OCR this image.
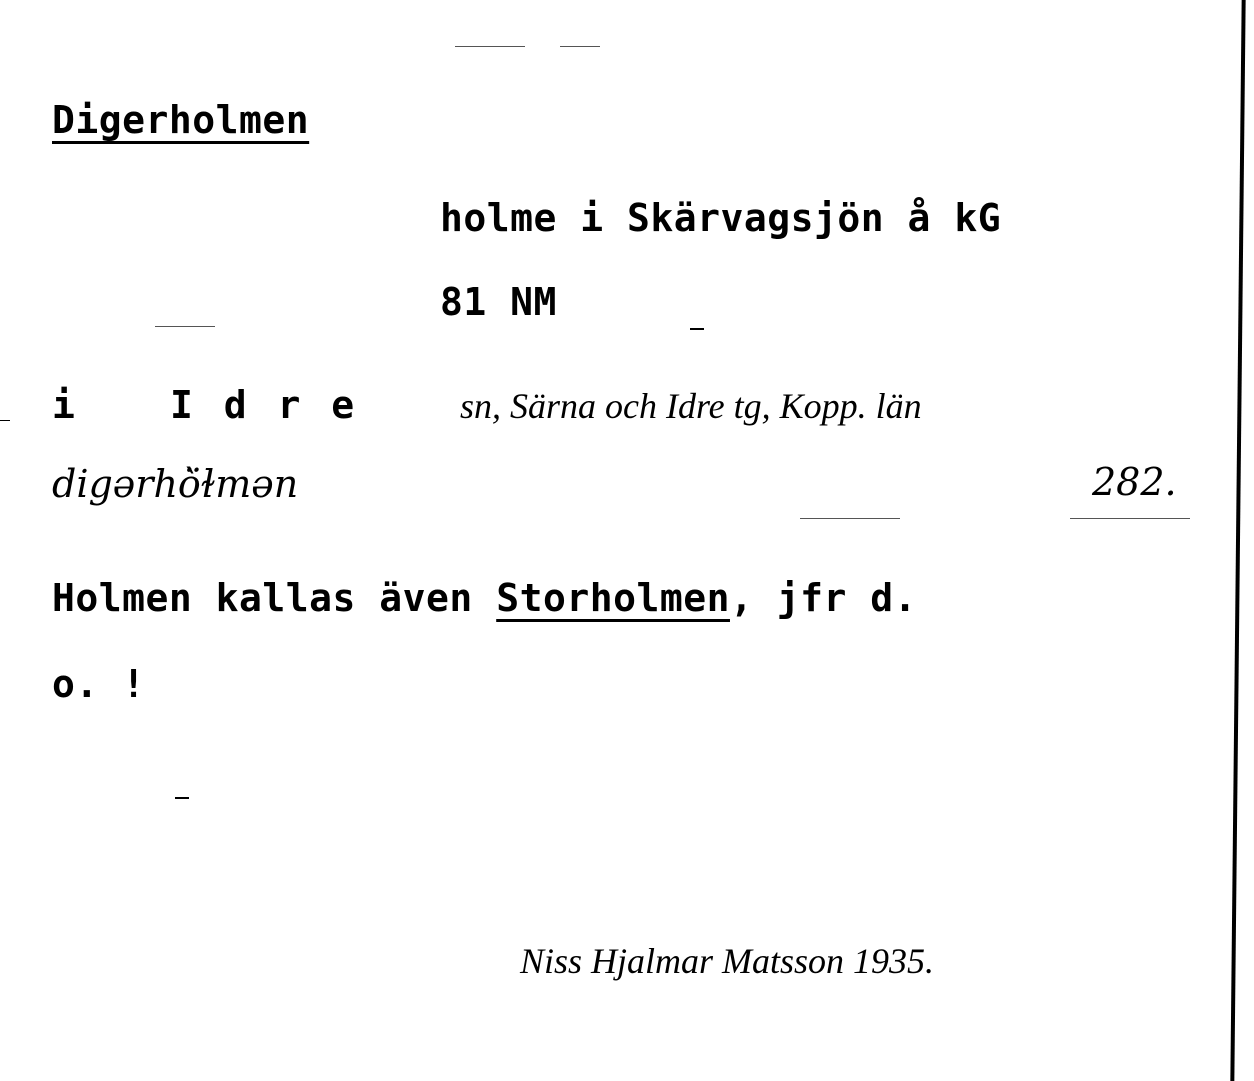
Digerholmen
holme i Skärvagsjön å kG
81 NM
i I d r e	sn, Särna och Idre tg, Kopp. län
digərhö̀ɫmən	282.
Holmen kallas även Storholmen, jfr d.
o. !
Niss Hjalmar Matsson 1935.
